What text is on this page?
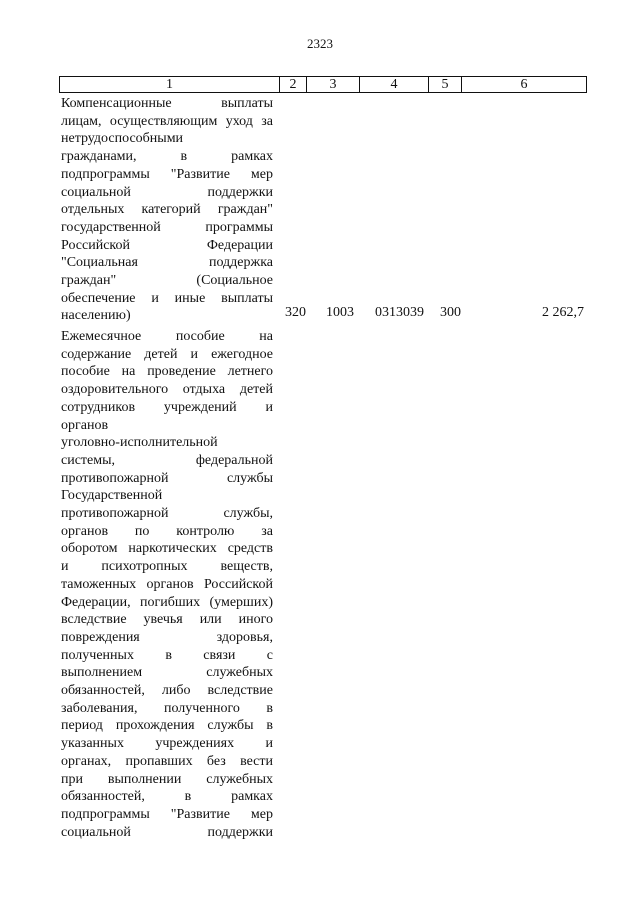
2323
1	2	3	4	5	6
Компенсационные выплаты
лицам, осуществляющим уход за
нетрудоспособными
гражданами, в рамках
подпрограммы "Развитие мер
социальной поддержки
отдельных категорий граждан"
государственной программы
Российской Федерации
"Социальная поддержка
граждан" (Социальное
обеспечение и иные выплаты
населению)	320 1003 0313039 300	2 262,7
Ежемесячное пособие на
содержание детей и ежегодное
пособие на проведение летнего
оздоровительного отдыха детей
сотрудников учреждений и
органов
уголовно-исполнительной
системы, федеральной
противопожарной службы
Государственной
противопожарной службы,
органов по контролю за
оборотом наркотических средств
и психотропных веществ,
таможенных органов Российской
Федерации, погибших (умерших)
вследствие увечья или иного
повреждения здоровья,
полученных в связи с
выполнением служебных
обязанностей, либо вследствие
заболевания, полученного в
период прохождения службы в
указанных учреждениях и
органах, пропавших без вести
при выполнении служебных
обязанностей, в рамках
подпрограммы "Развитие мер
социальной поддержки
